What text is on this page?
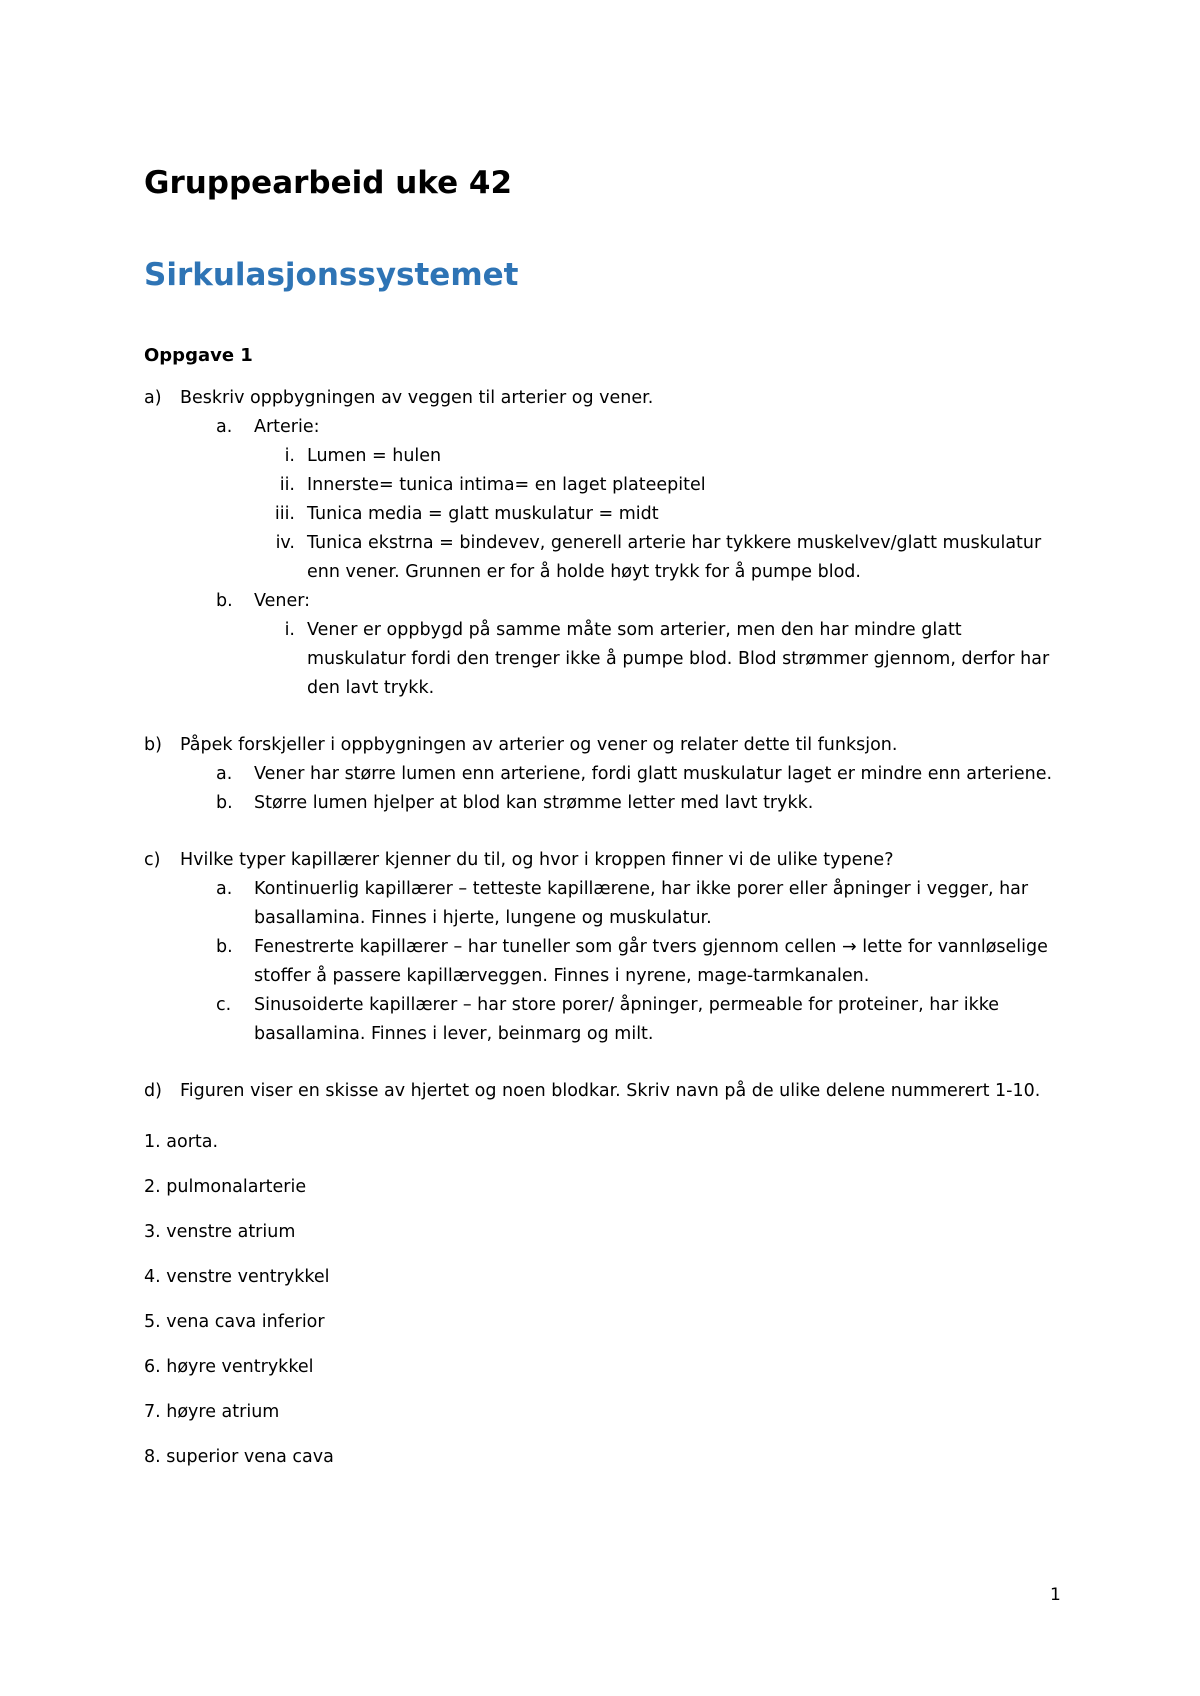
Gruppearbeid uke 42
Sirkulasjonssystemet
Oppgave 1
a) Beskriv oppbygningen av veggen til arterier og vener.
a.	Arterie:
i. Lumen = hulen
ii. Innerste= tunica intima= en laget plateepitel
iii. Tunica media = glatt muskulatur = midt
iv. Tunica ekstrna = bindevev, generell arterie har tykkere muskelvev/glatt muskulatur enn vener. Grunnen er for å holde høyt trykk for å pumpe blod.
b.	Vener:
i. Vener er oppbygd på samme måte som arterier, men den har mindre glatt muskulatur fordi den trenger ikke å pumpe blod. Blod strømmer gjennom, derfor har den lavt trykk.
b) Påpek forskjeller i oppbygningen av arterier og vener og relater dette til funksjon.
a.	Vener har større lumen enn arteriene, fordi glatt muskulatur laget er mindre enn arteriene.
b.	Større lumen hjelper at blod kan strømme letter med lavt trykk.
c)	Hvilke typer kapillærer kjenner du til, og hvor i kroppen finner vi de ulike typene?
a.	Kontinuerlig kapillærer – tetteste kapillærene, har ikke porer eller åpninger i vegger, har basallamina. Finnes i hjerte, lungene og muskulatur.
b.	Fenestrerte kapillærer – har tuneller som går tvers gjennom cellen → lette for vannløselige stoffer å passere kapillærveggen. Finnes i nyrene, mage-tarmkanalen.
c.	Sinusoiderte kapillærer – har store porer/ åpninger, permeable for proteiner, har ikke basallamina. Finnes i lever, beinmarg og milt.
d) Figuren viser en skisse av hjertet og noen blodkar. Skriv navn på de ulike delene nummerert 1-10.

1. aorta.

2. pulmonalarterie

3. venstre atrium

4. venstre ventrykkel

5. vena cava inferior

6. høyre ventrykkel

7. høyre atrium

8. superior vena cava

1
